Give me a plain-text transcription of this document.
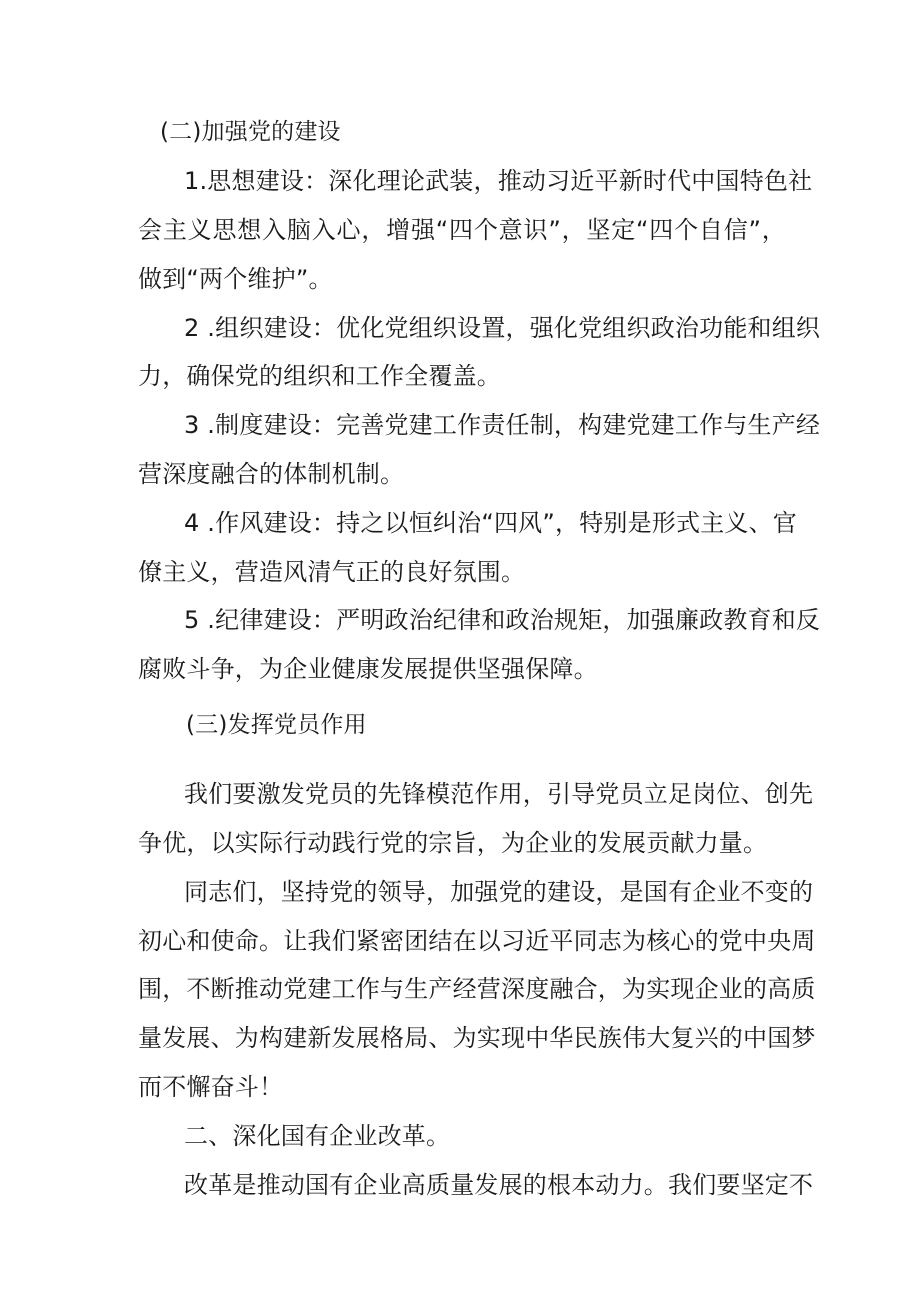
(二)加强党的建设

1.思想建设：深化理论武装，推动习近平新时代中国特色社

会主义思想入脑入心，增强“四个意识”，坚定“四个自信”，

做到“两个维护”。

2 .组织建设：优化党组织设置，强化党组织政治功能和组织

力，确保党的组织和工作全覆盖。

3 .制度建设：完善党建工作责任制，构建党建工作与生产经

营深度融合的体制机制。

4 .作风建设：持之以恒纠治“四风”，特别是形式主义、官

僚主义，营造风清气正的良好氛围。

5 .纪律建设：严明政治纪律和政治规矩，加强廉政教育和反

腐败斗争，为企业健康发展提供坚强保障。

(三)发挥党员作用

我们要激发党员的先锋模范作用，引导党员立足岗位、创先

争优，以实际行动践行党的宗旨，为企业的发展贡献力量。

同志们，坚持党的领导，加强党的建设，是国有企业不变的

初心和使命。让我们紧密团结在以习近平同志为核心的党中央周

围，不断推动党建工作与生产经营深度融合，为实现企业的高质

量发展、为构建新发展格局、为实现中华民族伟大复兴的中国梦

而不懈奋斗！

二、深化国有企业改革。

改革是推动国有企业高质量发展的根本动力。我们要坚定不
